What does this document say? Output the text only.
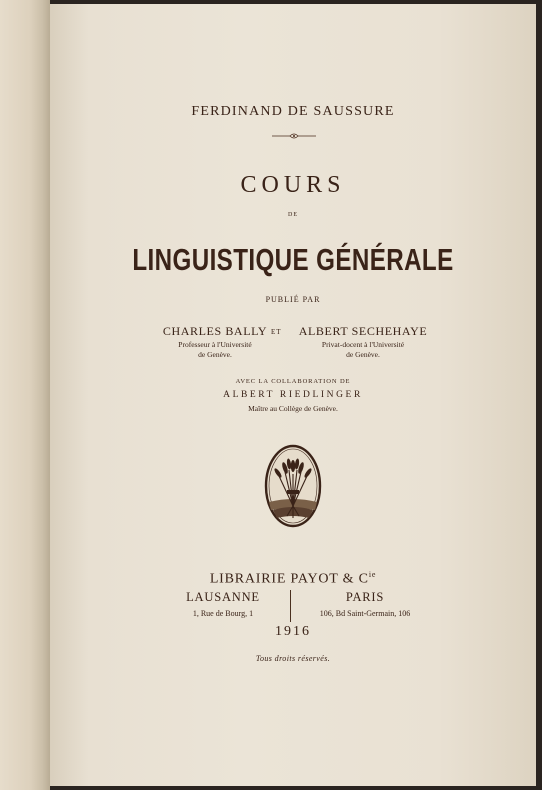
FERDINAND DE SAUSSURE
COURS
DE
LINGUISTIQUE GÉNÉRALE
PUBLIÉ PAR
CHARLES BALLY
Professeur à l'Université
de Genève.
ET	ALBERT SECHEHAYE
Privat-docent à l'Université
de Genève.
AVEC LA COLLABORATION DE
ALBERT RIEDLINGER
Maître au Collège de Genève.
LIBRAIRIE PAYOT & $C^{ie}$
LAUSANNE
1, Rue de Bourg, 1
PARIS
106, Bd Saint-Germain, 106
1916
Tous droits réservés.
